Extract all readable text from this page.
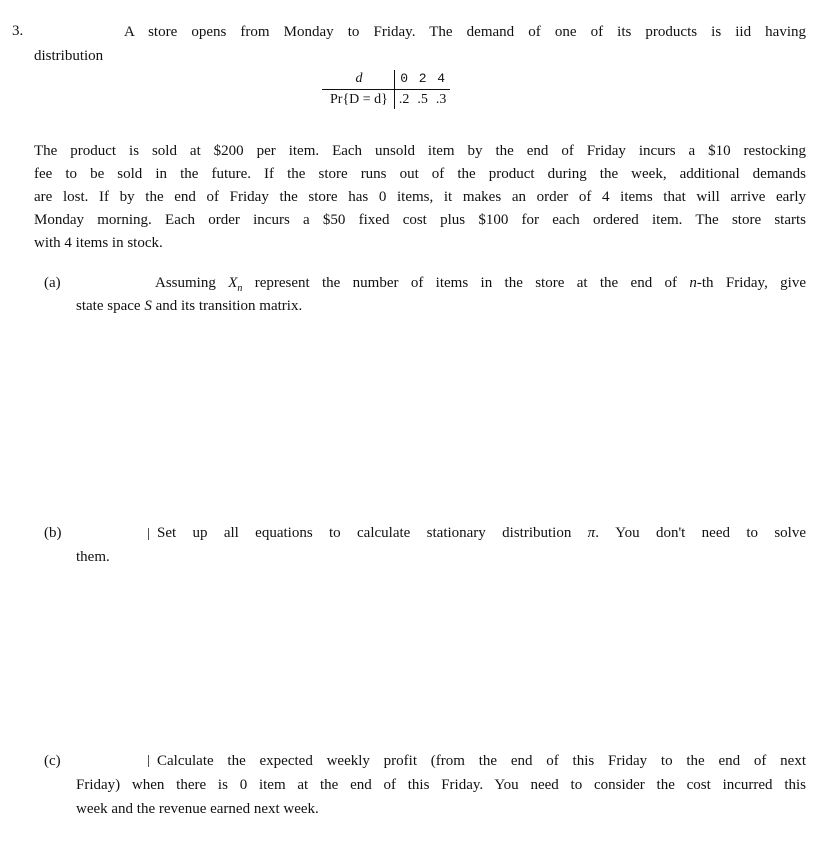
3.	A store opens from Monday to Friday. The demand of one of its products is iid having
distribution
d	0	2	4
Pr{D = d}	.2	.5	.3
The product is sold at $200 per item. Each unsold item by the end of Friday incurs a $10 restocking
fee to be sold in the future. If the store runs out of the product during the week, additional demands
are lost. If by the end of Friday the store has 0 items, it makes an order of 4 items that will arrive early
Monday morning. Each order incurs a $50 fixed cost plus $100 for each ordered item. The store starts
with 4 items in stock.
(a)	Assuming $X_n$ represent the number of items in the store at the end of n-th Friday, give
state space S and its transition matrix.
(b)	Set up all equations to calculate stationary distribution π. You don't need to solve
them.
(c)	Calculate the expected weekly profit (from the end of this Friday to the end of next
Friday) when there is 0 item at the end of this Friday. You need to consider the cost incurred this
week and the revenue earned next week.
